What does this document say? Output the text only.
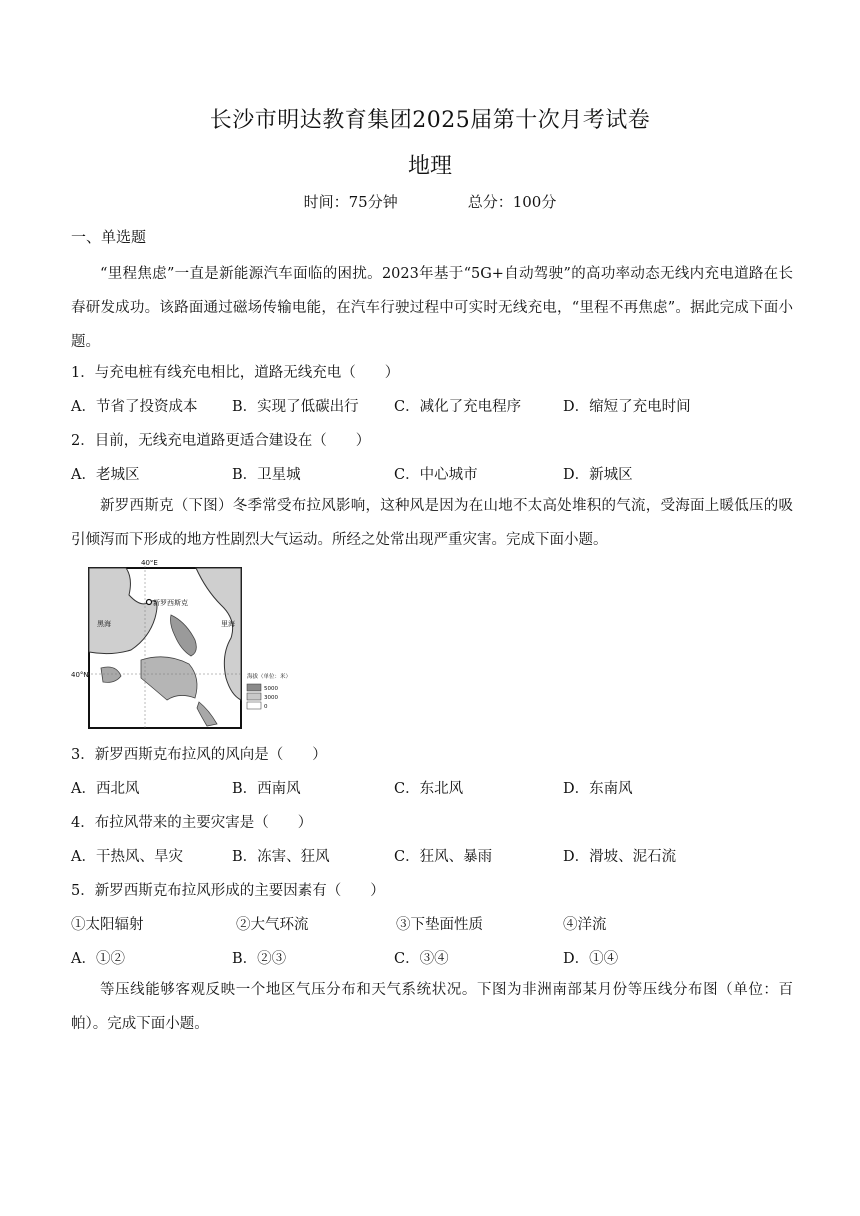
长沙市明达教育集团2025届第十次月考试卷
地理
时间：75分钟	总分：100分
一、单选题
“里程焦虑”一直是新能源汽车面临的困扰。2023年基于“5G+自动驾驶”的高功率动态无线内充电道路在长春研发成功。该路面通过磁场传输电能，在汽车行驶过程中可实时无线充电，“里程不再焦虑”。据此完成下面小题。
1．与充电桩有线充电相比，道路无线充电（　　）
A．节省了投资成本 B．实现了低碳出行 C．减化了充电程序	D．缩短了充电时间
2．目前，无线充电道路更适合建设在（　　）
A．老城区	B．卫星城	C．中心城市	D．新城区
新罗西斯克（下图）冬季常受布拉风影响，这种风是因为在山地不太高处堆积的气流，受海面上暖低压的吸引倾泻而下形成的地方性剧烈大气运动。所经之处常出现严重灾害。完成下面小题。
40°E
40°N
新罗西斯克
黑海	里海
海拔（单位：米）
5000
3000
0
3．新罗西斯克布拉风的风向是（　　）
A．西北风	B．西南风	C．东北风	D．东南风
4．布拉风带来的主要灾害是（　　）
A．干热风、旱灾	B．冻害、狂风	C．狂风、暴雨	D．滑坡、泥石流
5．新罗西斯克布拉风形成的主要因素有（　　）
①太阳辐射	②大气环流	③下垫面性质	④洋流
A．①②	B．②③	C．③④	D．①④
等压线能够客观反映一个地区气压分布和天气系统状况。下图为非洲南部某月份等压线分布图（单位：百帕）。完成下面小题。
